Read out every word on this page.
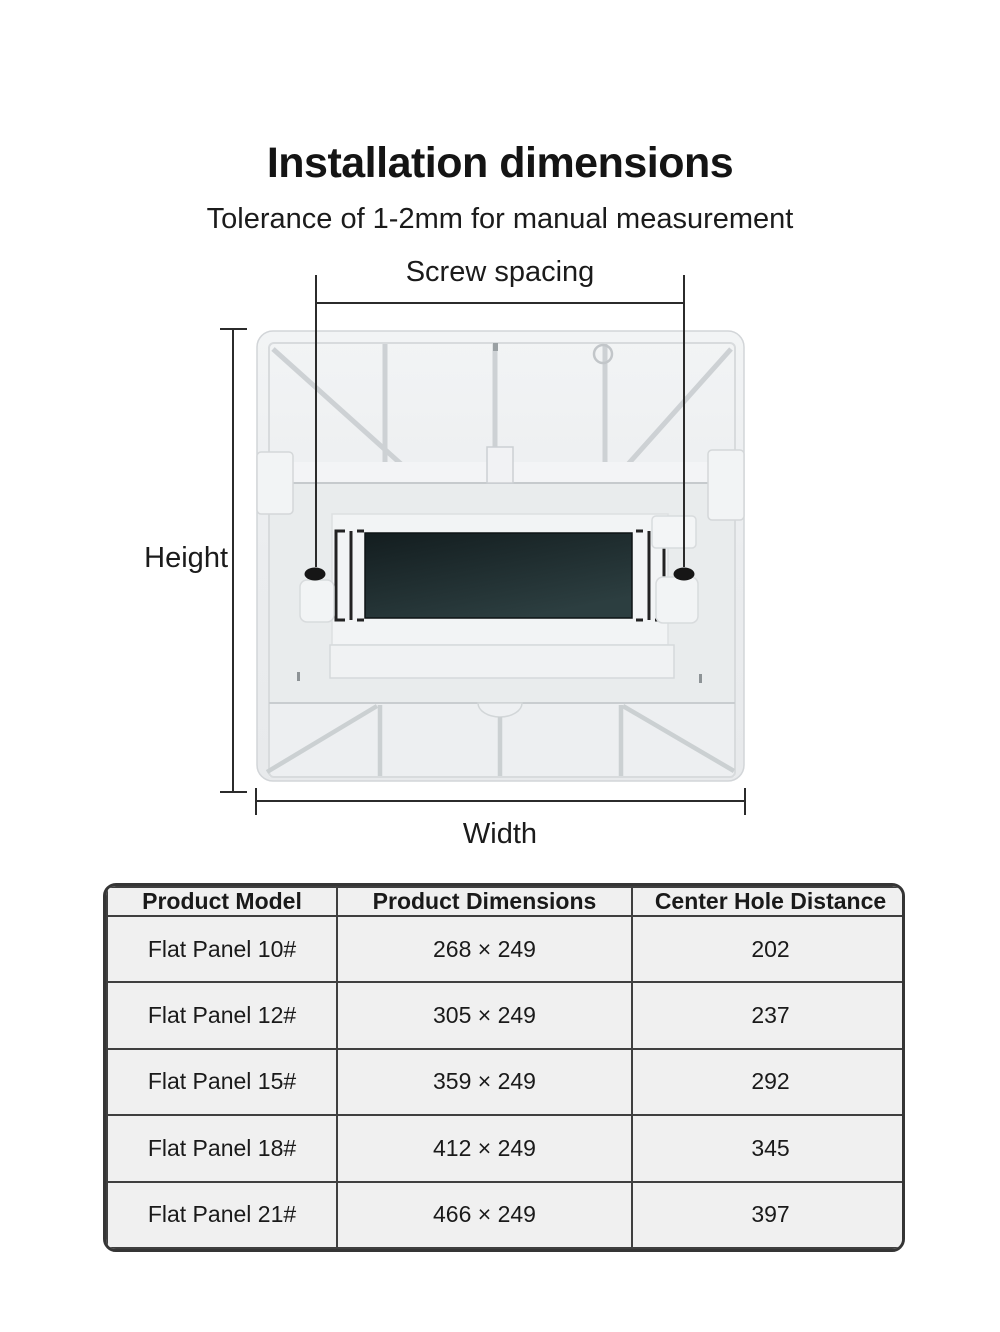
Installation dimensions
Tolerance of 1-2mm for manual measurement
Screw spacing
Height
Width
Product Model	Product Dimensions	Center Hole Distance
Flat Panel 10#	268 × 249	202
Flat Panel 12#	305 × 249	237
Flat Panel 15#	359 × 249	292
Flat Panel 18#	412 × 249	345
Flat Panel 21#	466 × 249	397
